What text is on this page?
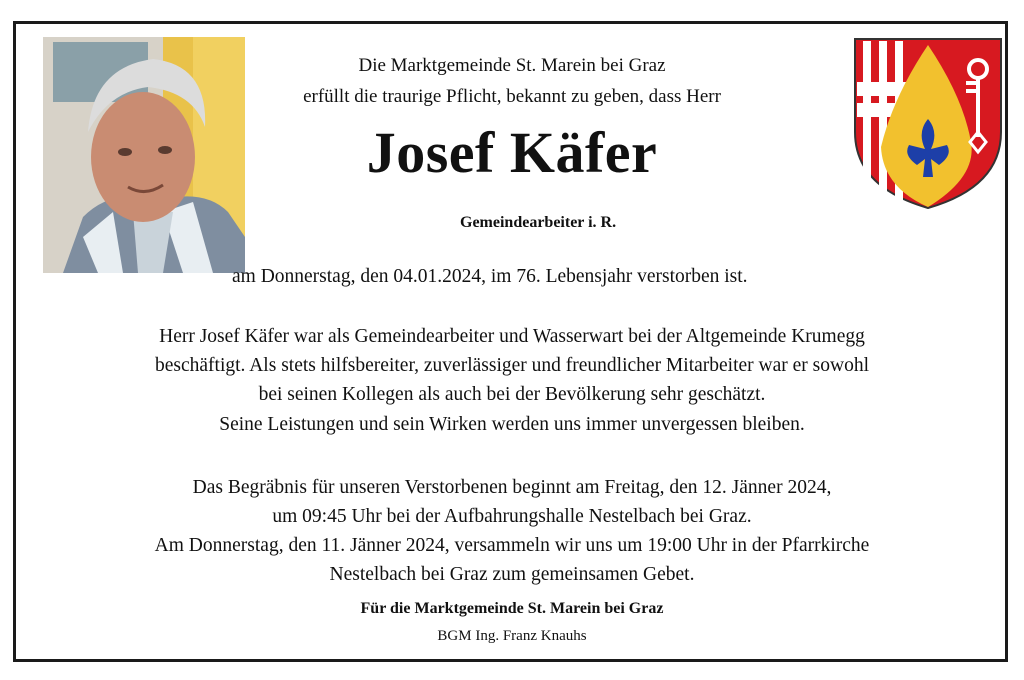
Die Marktgemeinde St. Marein bei Graz
erfüllt die traurige Pflicht, bekannt zu geben, dass Herr
Josef Käfer
Gemeindearbeiter i. R.
am Donnerstag, den 04.01.2024, im 76. Lebensjahr verstorben ist.
Herr Josef Käfer war als Gemeindearbeiter und Wasserwart bei der Altgemeinde Krumegg
beschäftigt. Als stets hilfsbereiter, zuverlässiger und freundlicher Mitarbeiter war er sowohl
bei seinen Kollegen als auch bei der Bevölkerung sehr geschätzt.
Seine Leistungen und sein Wirken werden uns immer unvergessen bleiben.
Das Begräbnis für unseren Verstorbenen beginnt am Freitag, den 12. Jänner 2024,
um 09:45 Uhr bei der Aufbahrungshalle Nestelbach bei Graz.
Am Donnerstag, den 11. Jänner 2024, versammeln wir uns um 19:00 Uhr in der Pfarrkirche
Nestelbach bei Graz zum gemeinsamen Gebet.
Für die Marktgemeinde St. Marein bei Graz
BGM Ing. Franz Knauhs
